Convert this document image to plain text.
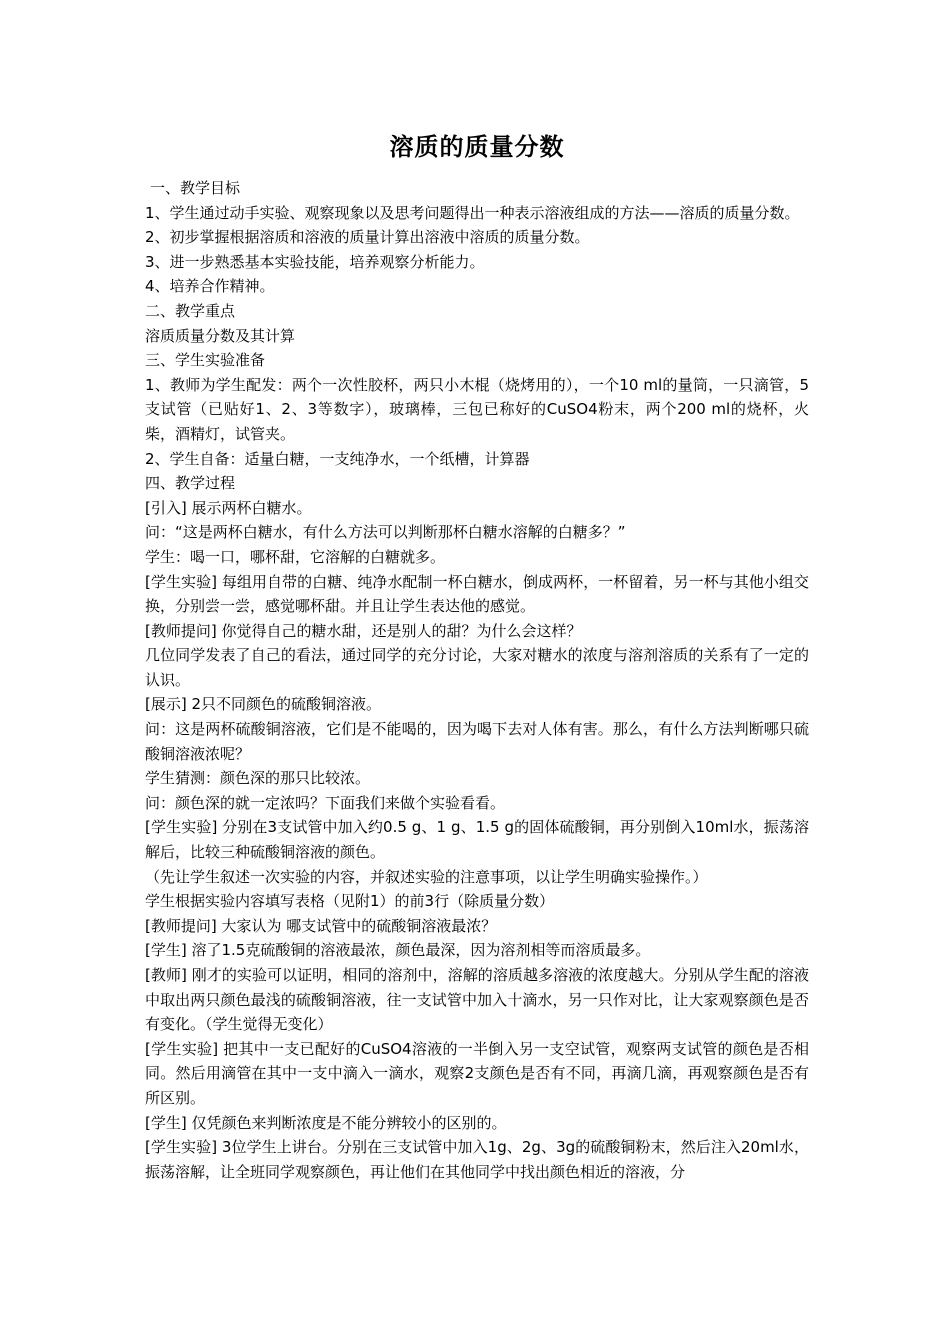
溶质的质量分数

一、教学目标

1、学生通过动手实验、观察现象以及思考问题得出一种表示溶液组成的方法——溶质的质量分数。

2、初步掌握根据溶质和溶液的质量计算出溶液中溶质的质量分数。

3、进一步熟悉基本实验技能，培养观察分析能力。

4、培养合作精神。

二、教学重点

溶质质量分数及其计算

三、学生实验准备

1、教师为学生配发：两个一次性胶杯，两只小木棍（烧烤用的），一个10 ml的量筒，一只滴管，5支试管（已贴好1、2、3等数字），玻璃棒，三包已称好的CuSO4粉末，两个200 ml的烧杯，火柴，酒精灯，试管夹。

2、学生自备：适量白糖，一支纯净水，一个纸槽，计算器

四、教学过程

[引入] 展示两杯白糖水。

问：“这是两杯白糖水，有什么方法可以判断那杯白糖水溶解的白糖多？”

学生：喝一口，哪杯甜，它溶解的白糖就多。

[学生实验] 每组用自带的白糖、纯净水配制一杯白糖水，倒成两杯，一杯留着，另一杯与其他小组交换，分别尝一尝，感觉哪杯甜。并且让学生表达他的感觉。

[教师提问] 你觉得自己的糖水甜，还是别人的甜？为什么会这样？

几位同学发表了自己的看法，通过同学的充分讨论，大家对糖水的浓度与溶剂溶质的关系有了一定的认识。

[展示] 2只不同颜色的硫酸铜溶液。

问：这是两杯硫酸铜溶液，它们是不能喝的，因为喝下去对人体有害。那么，有什么方法判断哪只硫酸铜溶液浓呢？

学生猜测：颜色深的那只比较浓。

问：颜色深的就一定浓吗？下面我们来做个实验看看。

[学生实验] 分别在3支试管中加入约0.5 g、1 g、1.5 g的固体硫酸铜，再分别倒入10ml水，振荡溶解后，比较三种硫酸铜溶液的颜色。

（先让学生叙述一次实验的内容，并叙述实验的注意事项，以让学生明确实验操作。）

学生根据实验内容填写表格（见附1）的前3行（除质量分数）

[教师提问] 大家认为 哪支试管中的硫酸铜溶液最浓？

[学生] 溶了1.5克硫酸铜的溶液最浓，颜色最深，因为溶剂相等而溶质最多。

[教师] 刚才的实验可以证明，相同的溶剂中，溶解的溶质越多溶液的浓度越大。分别从学生配的溶液中取出两只颜色最浅的硫酸铜溶液，往一支试管中加入十滴水，另一只作对比，让大家观察颜色是否有变化。（学生觉得无变化）

[学生实验] 把其中一支已配好的CuSO4溶液的一半倒入另一支空试管，观察两支试管的颜色是否相同。然后用滴管在其中一支中滴入一滴水，观察2支颜色是否有不同，再滴几滴，再观察颜色是否有所区别。

[学生] 仅凭颜色来判断浓度是不能分辨较小的区别的。

[学生实验] 3位学生上讲台。分别在三支试管中加入1g、2g、3g的硫酸铜粉末，然后注入20ml水，振荡溶解，让全班同学观察颜色，再让他们在其他同学中找出颜色相近的溶液，分
